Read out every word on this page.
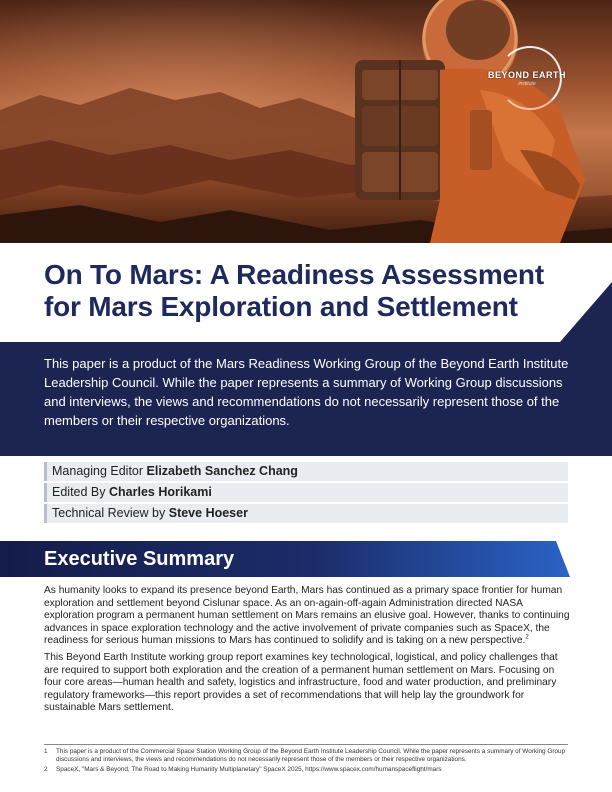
BEYOND EARTH
institute
On To Mars: A Readiness Assessment for Mars Exploration and Settlement

This paper is a product of the Mars Readiness Working Group of the Beyond Earth Institute Leadership Council. While the paper represents a summary of Working Group discussions and interviews, the views and recommendations do not necessarily represent those of the members or their respective organizations.

Managing Editor Elizabeth Sanchez Chang
Edited By Charles Horikami
Technical Review by Steve Hoeser
Executive Summary

As humanity looks to expand its presence beyond Earth, Mars has continued as a primary space frontier for human exploration and settlement beyond Cislunar space. As an on-again-off-again Administration directed NASA exploration program a permanent human settlement on Mars remains an elusive goal. However, thanks to continuing advances in space exploration technology and the active involvement of private companies such as SpaceX, the readiness for serious human missions to Mars has continued to solidify and is taking on a new perspective.$^2$

This Beyond Earth Institute working group report examines key technological, logistical, and policy challenges that are required to support both exploration and the creation of a permanent human settlement on Mars. Focusing on four core areas—human health and safety, logistics and infrastructure, food and water production, and preliminary regulatory frameworks—this report provides a set of recommendations that will help lay the groundwork for sustainable Mars settlement.

1	This paper is a product of the Commercial Space Station Working Group of the Beyond Earth Institute Leadership Council. While the paper represents a summary of Working Group discussions and interviews, the views and recommendations do not necessarily represent those of the members or their respective organizations.
2	SpaceX, "Mars & Beyond, The Road to Making Humanity Multiplanetary" SpaceX 2025, https://www.spacex.com/humanspaceflight/mars
